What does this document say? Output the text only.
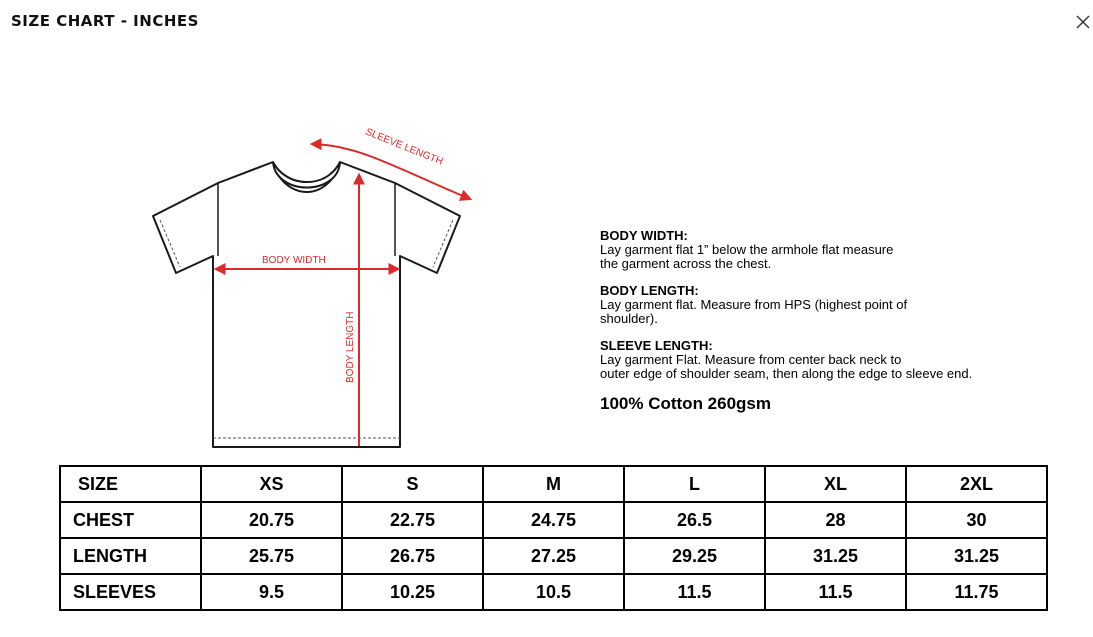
SIZE CHART - INCHES
SLEEVE LENGTH
BODY WIDTH
BODY LENGTH
BODY WIDTH:
Lay garment flat 1” below the armhole flat measure
the garment across the chest.
BODY LENGTH:
Lay garment flat. Measure from HPS (highest point of
shoulder).
SLEEVE LENGTH:
Lay garment Flat. Measure from center back neck to
outer edge of shoulder seam, then along the edge to sleeve end.
100% Cotton 260gsm
SIZE	XS	S	M	L	XL	2XL
CHEST	20.75	22.75	24.75	26.5	28	30
LENGTH	25.75	26.75	27.25	29.25	31.25	31.25
SLEEVES	9.5	10.25	10.5	11.5	11.5	11.75
